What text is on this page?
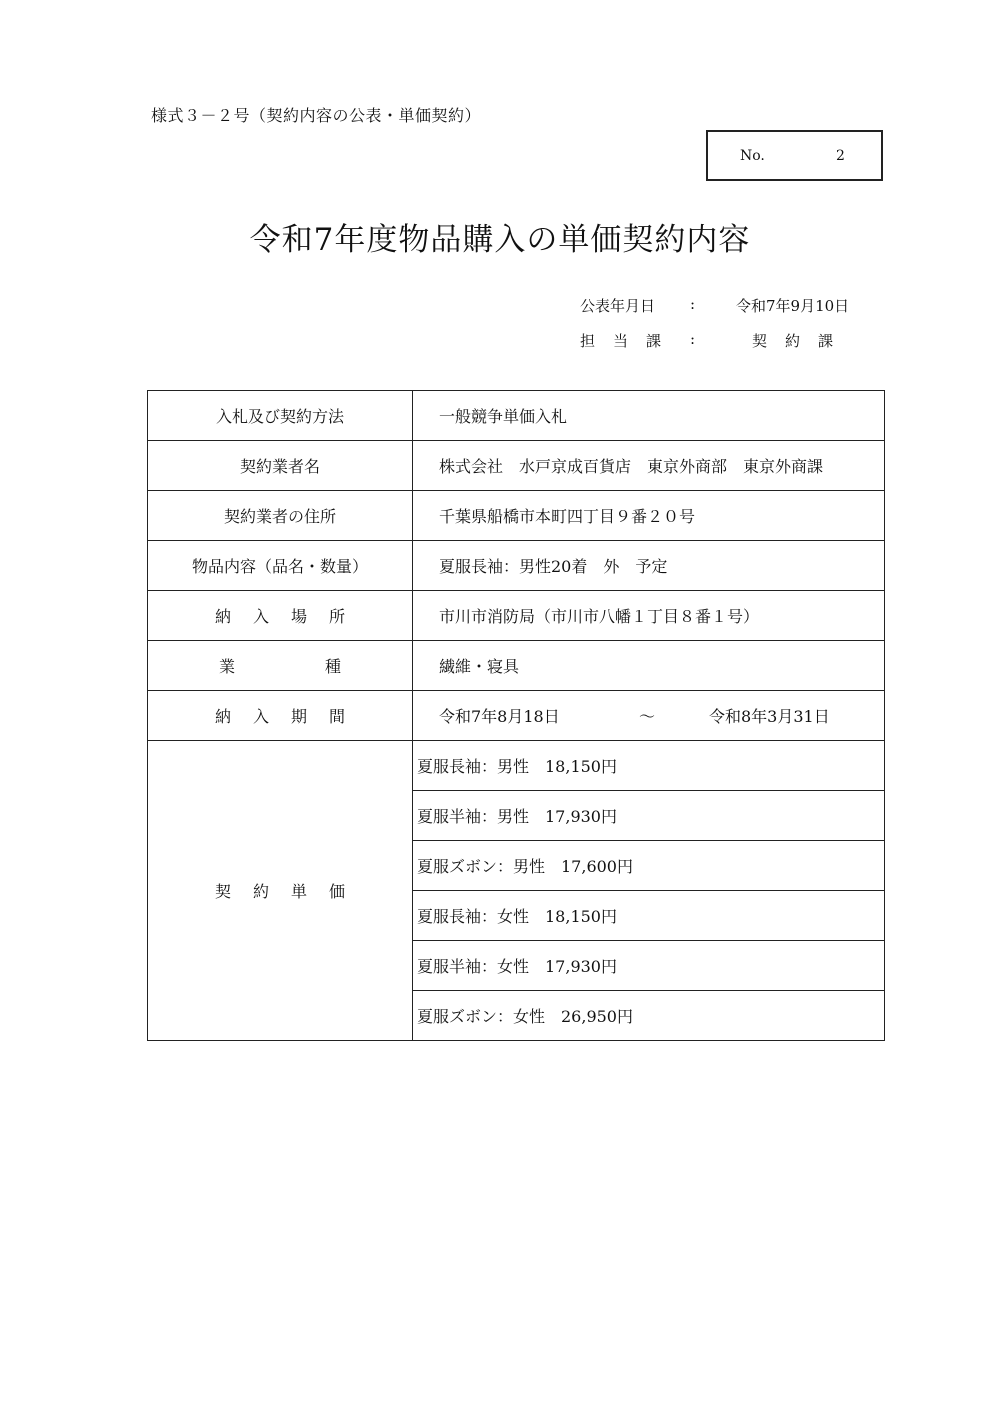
様式３－２号（契約内容の公表・単価契約）
No.	2
令和7年度物品購入の単価契約内容
公表年月日	:	令和7年9月10日
担当課 :	契約課
入札及び契約方法	一般競争単価入札
契約業者名	株式会社　水戸京成百貨店　東京外商部　東京外商課
契約業者の住所	千葉県船橋市本町四丁目９番２０号
物品内容（品名・数量）	夏服長袖：男性20着　外　予定
納入場所	市川市消防局（市川市八幡１丁目８番１号）
業種	繊維・寝具
納入期間	令和7年8月18日 ～ 令和8年3月31日
契約単価	夏服長袖：男性　18,150円
	夏服半袖：男性　17,930円
	夏服ズボン：男性　17,600円
	夏服長袖：女性　18,150円
	夏服半袖：女性　17,930円
	夏服ズボン：女性　26,950円
